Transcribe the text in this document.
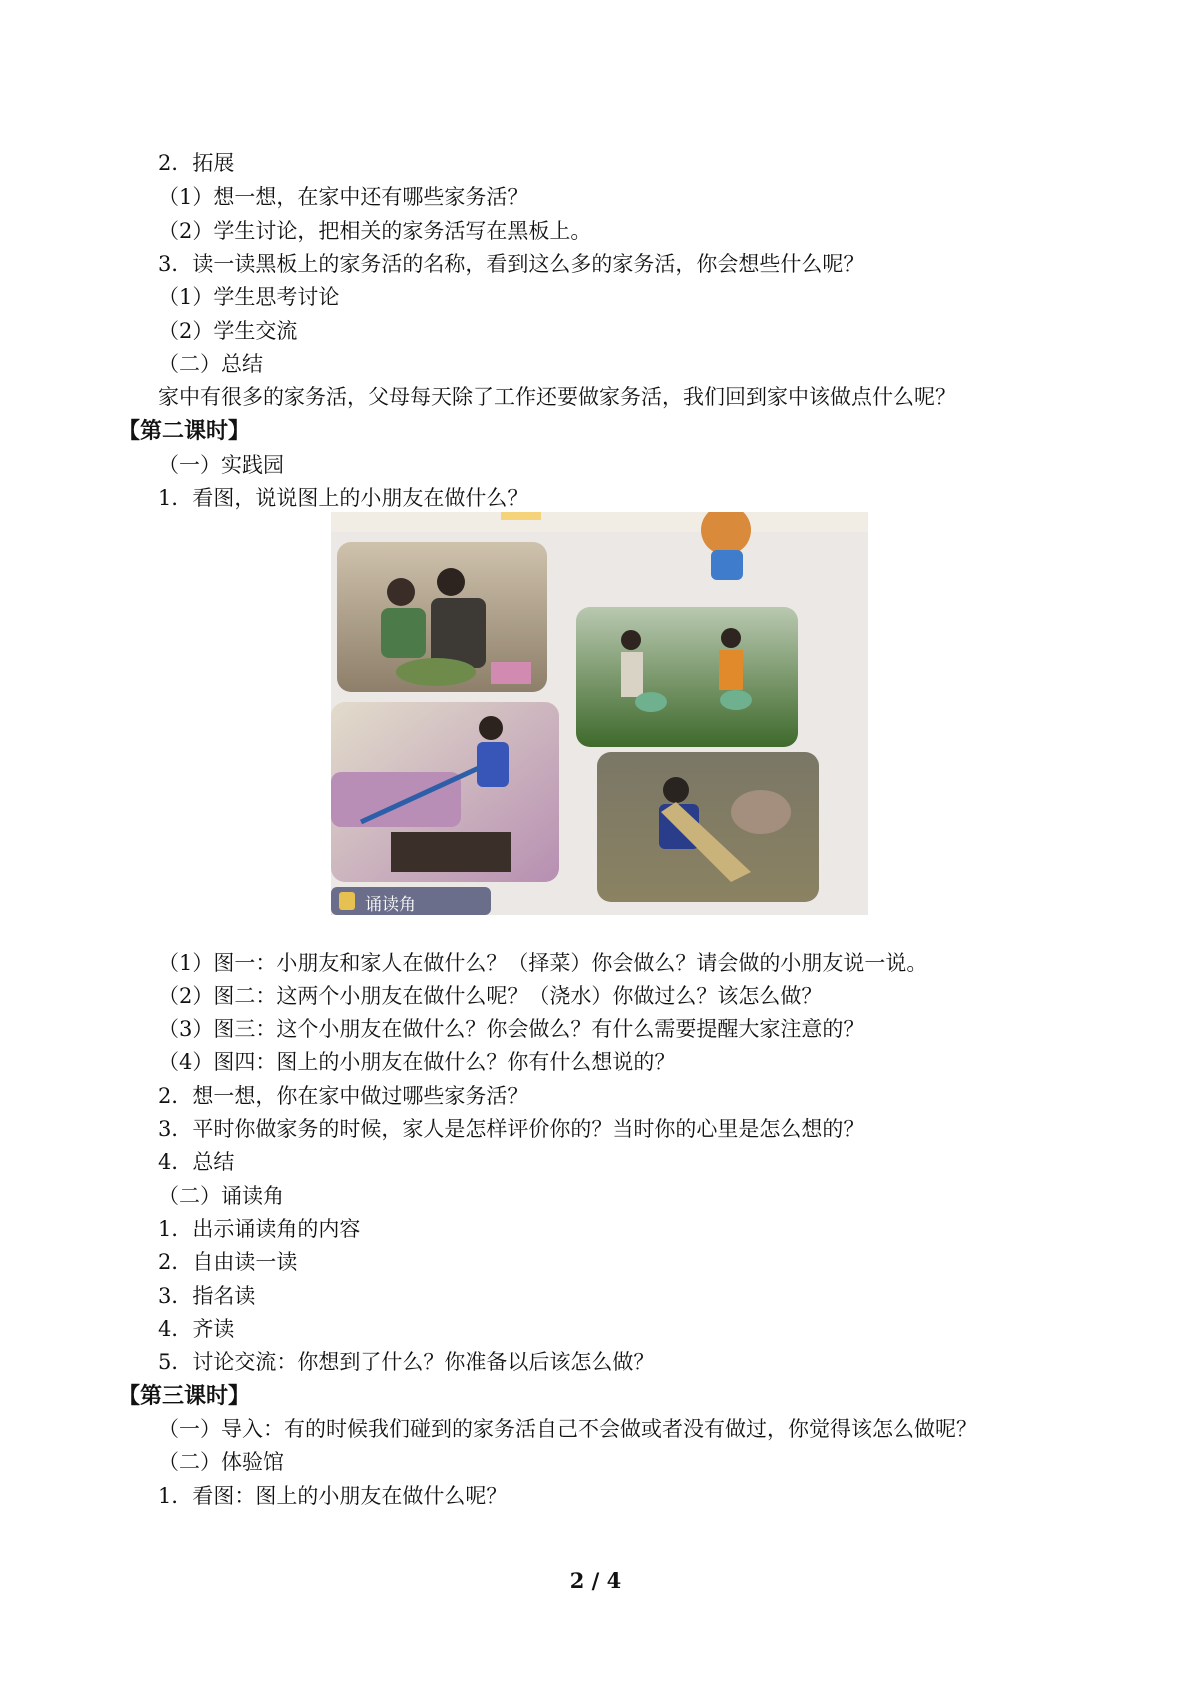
2．拓展
（1）想一想，在家中还有哪些家务活？
（2）学生讨论，把相关的家务活写在黑板上。
3．读一读黑板上的家务活的名称，看到这么多的家务活，你会想些什么呢？
（1）学生思考讨论
（2）学生交流
（二）总结
家中有很多的家务活，父母每天除了工作还要做家务活，我们回到家中该做点什么呢？
【第二课时】
（一）实践园
1．看图，说说图上的小朋友在做什么？
诵读角
（1）图一：小朋友和家人在做什么？（择菜）你会做么？请会做的小朋友说一说。
（2）图二：这两个小朋友在做什么呢？（浇水）你做过么？该怎么做？
（3）图三：这个小朋友在做什么？你会做么？有什么需要提醒大家注意的？
（4）图四：图上的小朋友在做什么？你有什么想说的？
2．想一想，你在家中做过哪些家务活？
3．平时你做家务的时候，家人是怎样评价你的？当时你的心里是怎么想的？
4．总结
（二）诵读角
1．出示诵读角的内容
2．自由读一读
3．指名读
4．齐读
5．讨论交流：你想到了什么？你准备以后该怎么做？
【第三课时】
（一）导入：有的时候我们碰到的家务活自己不会做或者没有做过，你觉得该怎么做呢？
（二）体验馆
1．看图：图上的小朋友在做什么呢？
2 / 4
